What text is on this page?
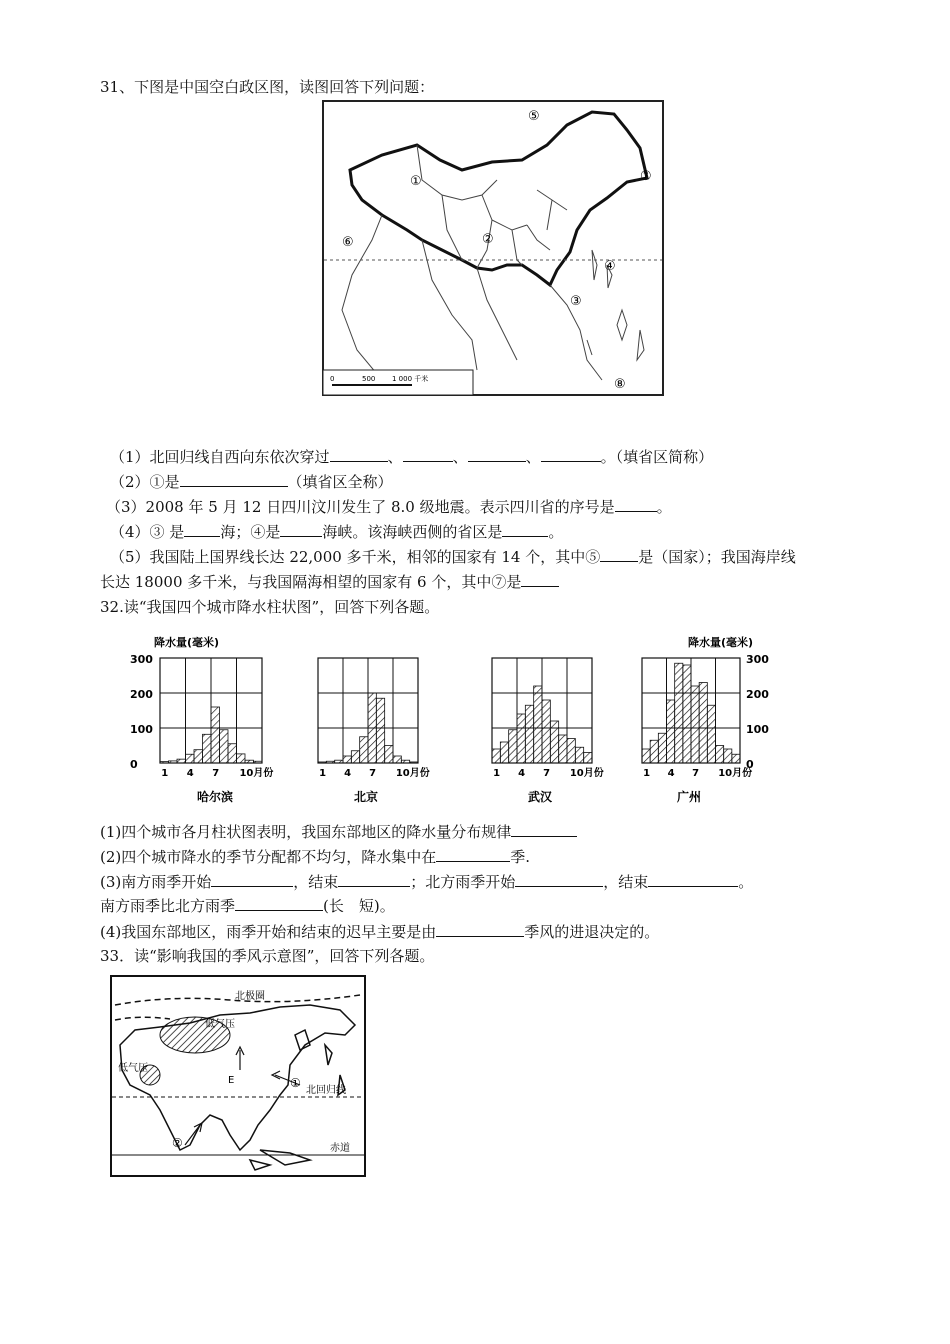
31、下图是中国空白政区图，读图回答下列问题：
①
②
③
④
⑤
⑥
⑦
⑧
0	500 1 000 千米
（1）北回归线自西向东依次穿过	、	、	、	。（填省区简称）
（2）①是	（填省区全称）
（3）2008 年 5 月 12 日四川汶川发生了 8.0 级地震。表示四川省的序号是	。
（4）③ 是 海；④是	海峡。该海峡西侧的省区是	。
（5）我国陆上国界线长达 22,000 多千米，相邻的国家有 14 个，其中⑤	是（国家）；我国海岸线
长达 18000 多千米，与我国隔海相望的国家有 6 个，其中⑦是
32.读“我国四个城市降水柱状图”，回答下列各题。
1 4 7 10月份
哈尔滨
300
200
100
0
降水量(毫米)
1 4 7 10月份
北京
1 4 7 10月份
武汉
1 4 7 10月份
广州
300
200
100
0
降水量(毫米)
(1)四个城市各月柱状图表明，我国东部地区的降水量分布规律
(2)四个城市降水的季节分配都不均匀，降水集中在	季.
(3)南方雨季开始	，结束	；北方雨季开始	，结束	。
南方雨季比北方雨季	(长　短)。
(4)我国东部地区，雨季开始和结束的迟早主要是由	季风的进退决定的。
33．读“影响我国的季风示意图”，回答下列各题。
北极圈
低气压
低气压
北回归线
赤道
E	①
②
